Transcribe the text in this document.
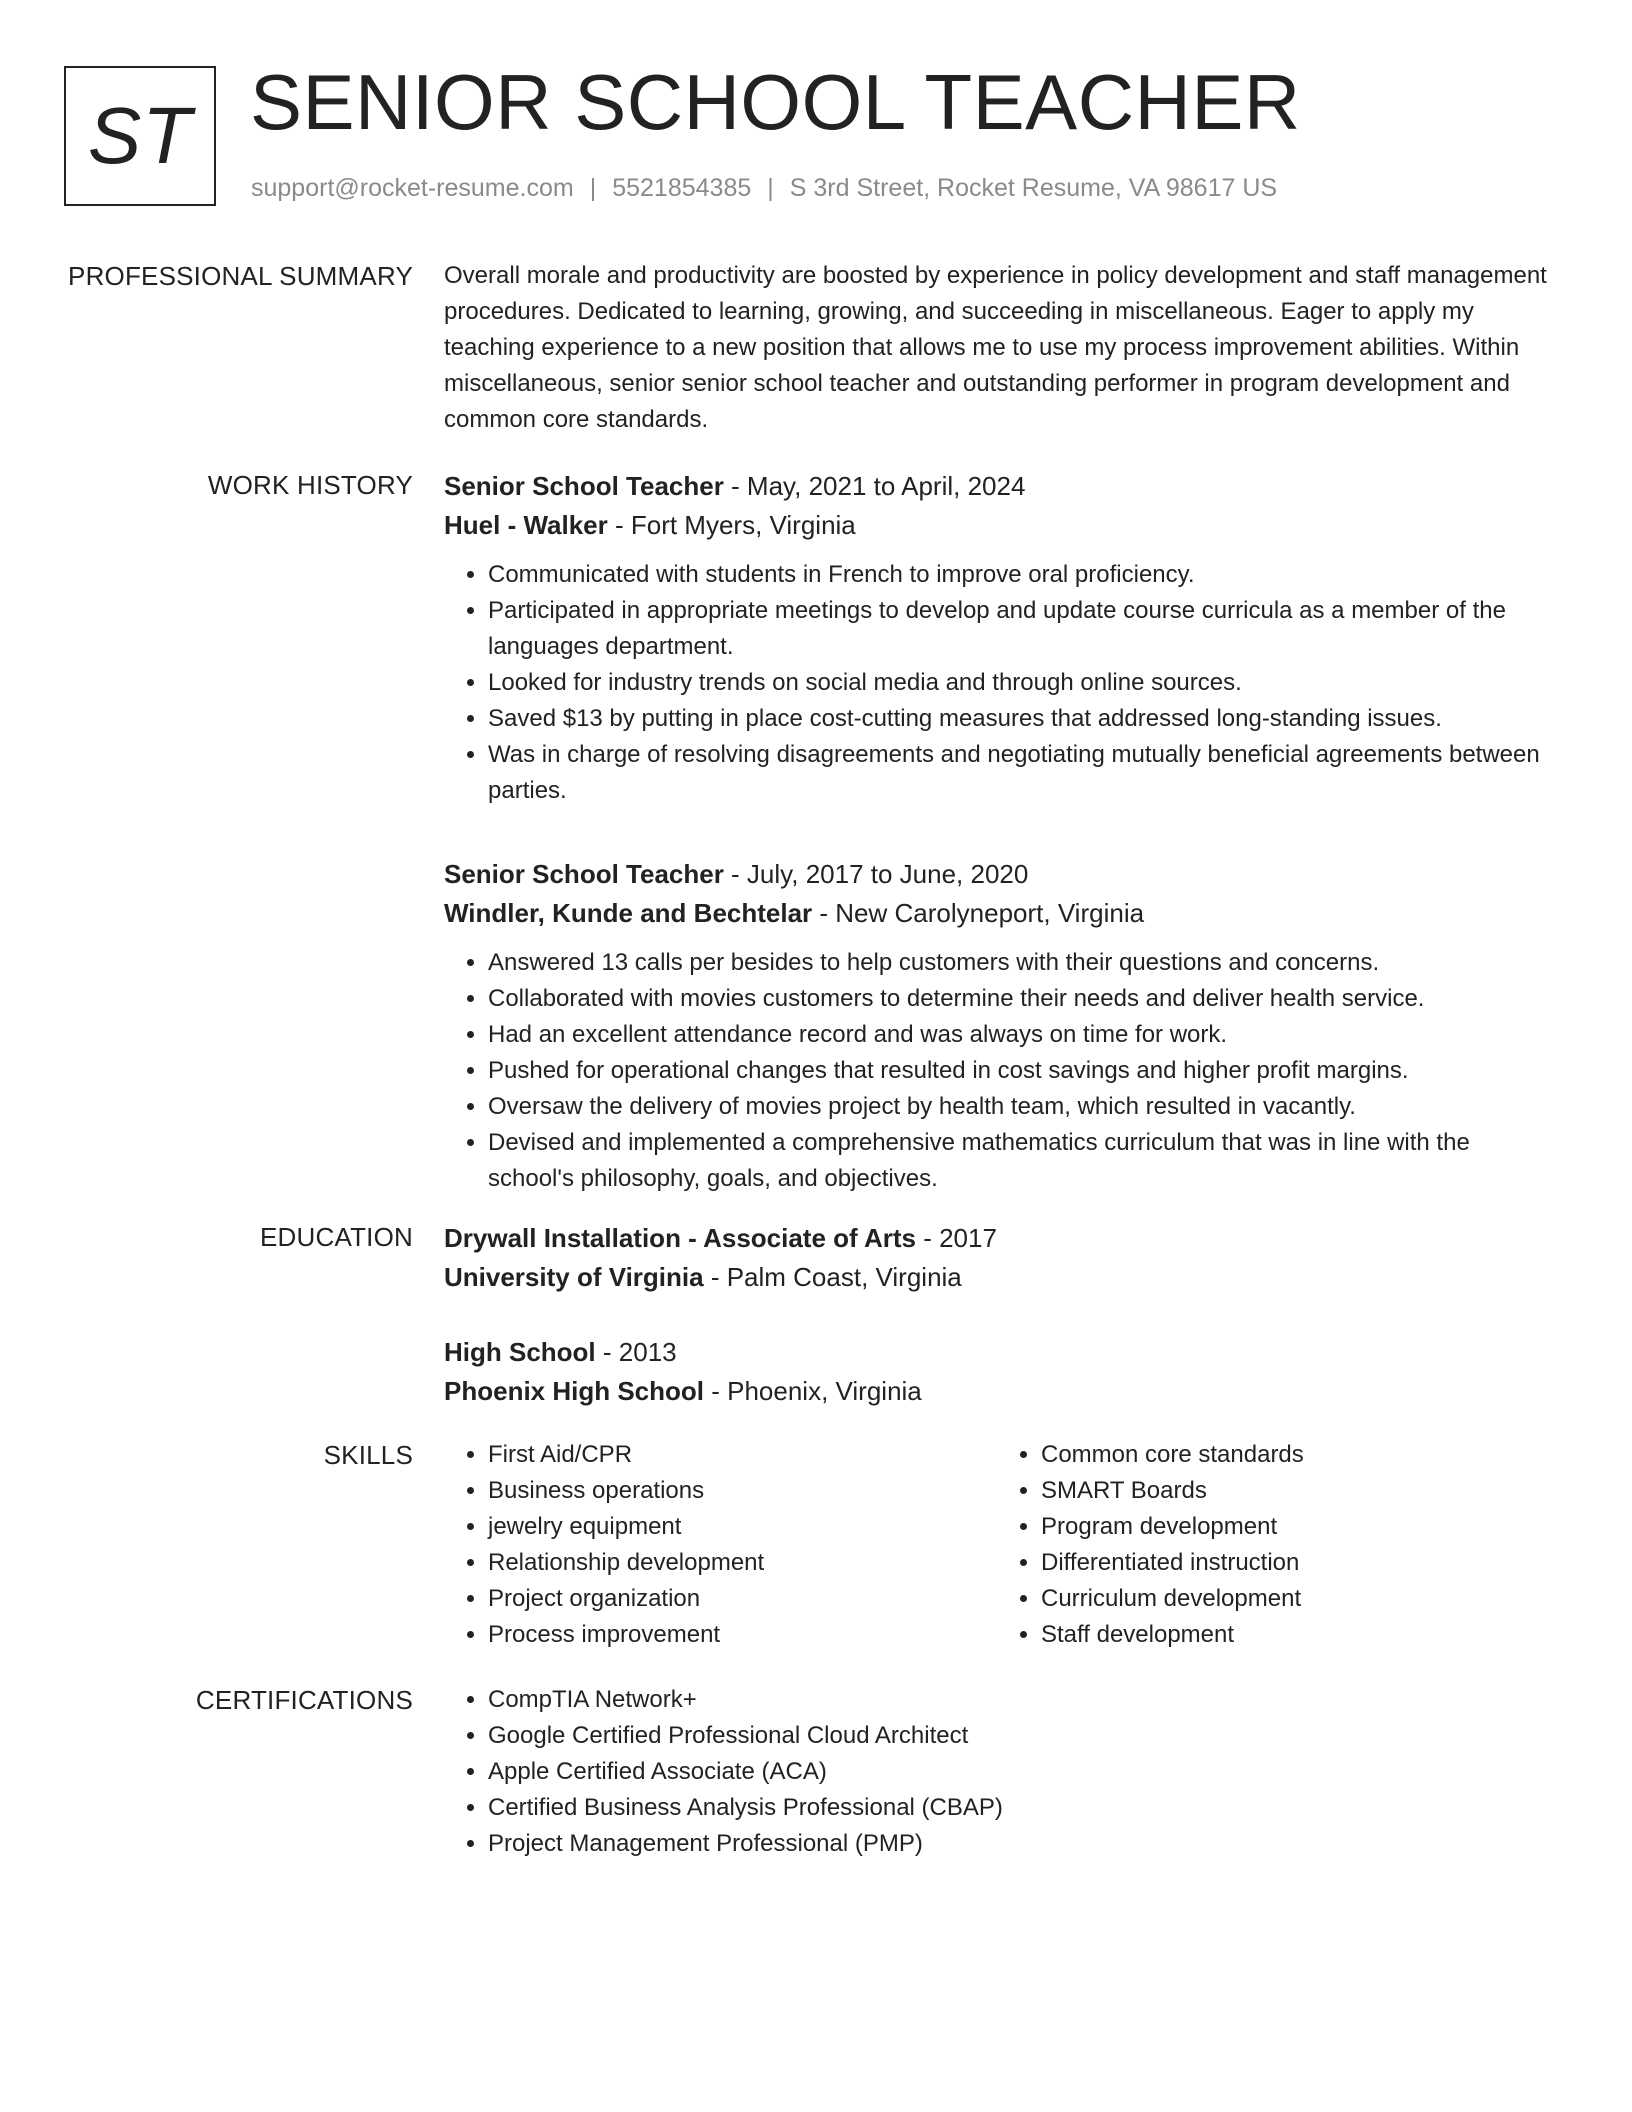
ST SENIOR SCHOOL TEACHER
support@rocket-resume.com | 5521854385 | S 3rd Street, Rocket Resume, VA 98617 US
PROFESSIONAL SUMMARY Overall morale and productivity are boosted by experience in policy development and staff management procedures. Dedicated to learning, growing, and succeeding in miscellaneous. Eager to apply my teaching experience to a new position that allows me to use my process improvement abilities. Within miscellaneous, senior senior school teacher and outstanding performer in program development and common core standards.

WORK HISTORY Senior School Teacher - May, 2021 to April, 2024
Huel - Walker - Fort Myers, Virginia
• Communicated with students in French to improve oral proficiency.
• Participated in appropriate meetings to develop and update course curricula as a member of the languages department.
• Looked for industry trends on social media and through online sources.
• Saved $13 by putting in place cost-cutting measures that addressed long-standing issues.
• Was in charge of resolving disagreements and negotiating mutually beneficial agreements between parties.
Senior School Teacher - July, 2017 to June, 2020
Windler, Kunde and Bechtelar - New Carolyneport, Virginia
• Answered 13 calls per besides to help customers with their questions and concerns.
• Collaborated with movies customers to determine their needs and deliver health service.
• Had an excellent attendance record and was always on time for work.
• Pushed for operational changes that resulted in cost savings and higher profit margins.
• Oversaw the delivery of movies project by health team, which resulted in vacantly.
• Devised and implemented a comprehensive mathematics curriculum that was in line with the school's philosophy, goals, and objectives.
EDUCATION Drywall Installation - Associate of Arts - 2017
University of Virginia - Palm Coast, Virginia
High School - 2013
Phoenix High School - Phoenix, Virginia
SKILLS	• First Aid/CPR
• Business operations
• jewelry equipment
• Relationship development
• Project organization
• Process improvement
• Common core standards
• SMART Boards
• Program development
• Differentiated instruction
• Curriculum development
• Staff development
CERTIFICATIONS	• CompTIA Network+
• Google Certified Professional Cloud Architect
• Apple Certified Associate (ACA)
• Certified Business Analysis Professional (CBAP)
• Project Management Professional (PMP)
